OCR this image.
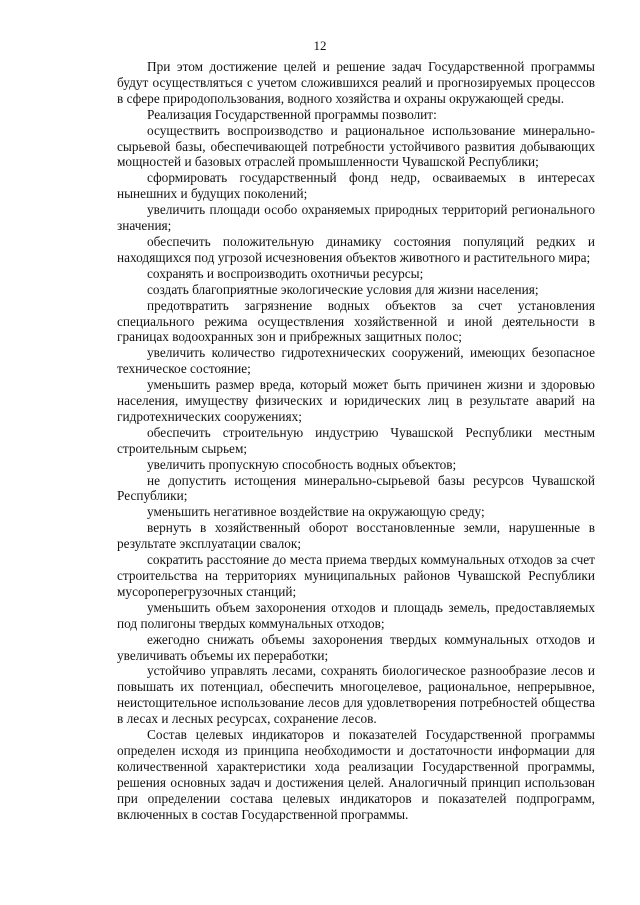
12

При этом достижение целей и решение задач Государственной программы будут осуществляться с учетом сложившихся реалий и прогнозируемых процессов в сфере природопользования, водного хозяйства и охраны окружающей среды.

Реализация Государственной программы позволит:

осуществить воспроизводство и рациональное использование минерально-сырьевой базы, обеспечивающей потребности устойчивого развития добывающих мощностей и базовых отраслей промышленности Чувашской Республики;

сформировать государственный фонд недр, осваиваемых в интересах нынешних и будущих поколений;

увеличить площади особо охраняемых природных территорий регионального значения;

обеспечить положительную динамику состояния популяций редких и находящихся под угрозой исчезновения объектов животного и растительного мира;

сохранять и воспроизводить охотничьи ресурсы;

создать благоприятные экологические условия для жизни населения;

предотвратить загрязнение водных объектов за счет установления специального режима осуществления хозяйственной и иной деятельности в границах водоохранных зон и прибрежных защитных полос;

увеличить количество гидротехнических сооружений, имеющих безопасное техническое состояние;

уменьшить размер вреда, который может быть причинен жизни и здоровью населения, имуществу физических и юридических лиц в результате аварий на гидротехнических сооружениях;

обеспечить строительную индустрию Чувашской Республики местным строительным сырьем;

увеличить пропускную способность водных объектов;

не допустить истощения минерально-сырьевой базы ресурсов Чувашской Республики;

уменьшить негативное воздействие на окружающую среду;

вернуть в хозяйственный оборот восстановленные земли, нарушенные в результате эксплуатации свалок;

сократить расстояние до места приема твердых коммунальных отходов за счет строительства на территориях муниципальных районов Чувашской Республики мусороперегрузочных станций;

уменьшить объем захоронения отходов и площадь земель, предоставляемых под полигоны твердых коммунальных отходов;

ежегодно снижать объемы захоронения твердых коммунальных отходов и увеличивать объемы их переработки;

устойчиво управлять лесами, сохранять биологическое разнообразие лесов и повышать их потенциал, обеспечить многоцелевое, рациональное, непрерывное, неистощительное использование лесов для удовлетворения потребностей общества в лесах и лесных ресурсах, сохранение лесов.

Состав целевых индикаторов и показателей Государственной программы определен исходя из принципа необходимости и достаточности информации для количественной характеристики хода реализации Государственной программы, решения основных задач и достижения целей. Аналогичный принцип использован при определении состава целевых индикаторов и показателей подпрограмм, включенных в состав Государственной программы.
